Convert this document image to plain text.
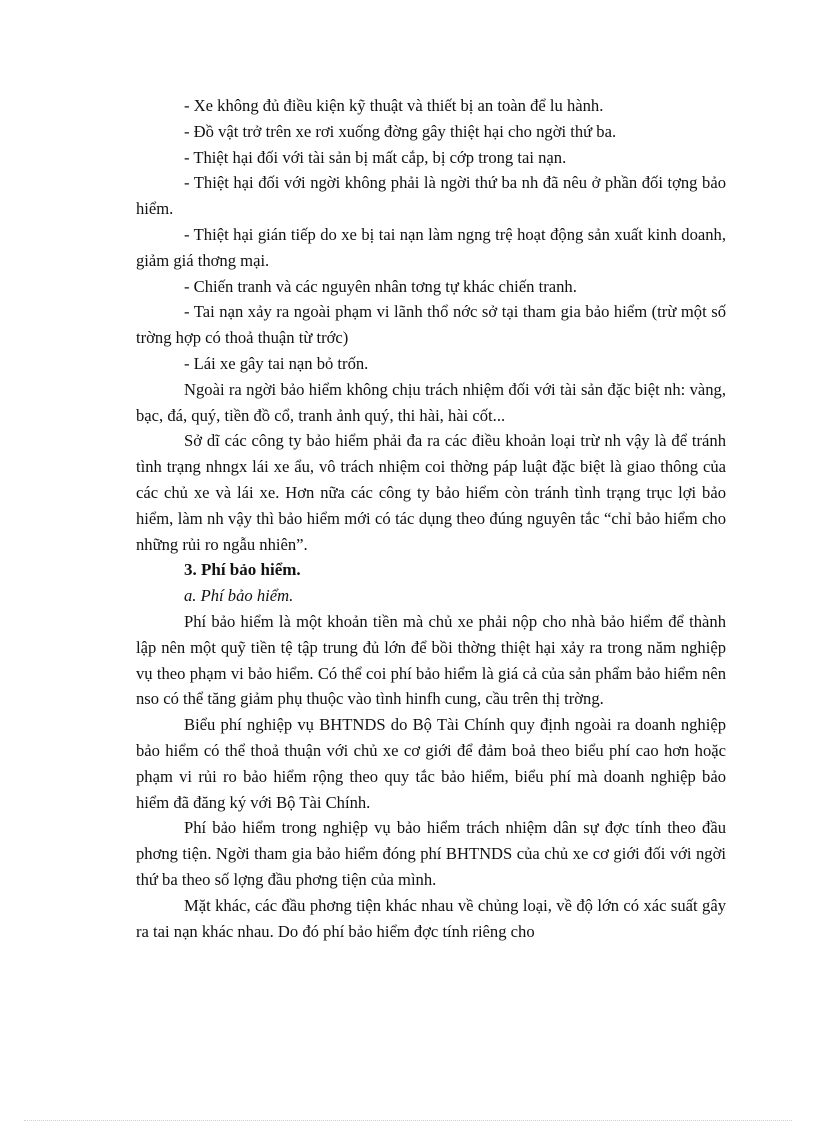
- Xe không đủ điều kiện kỹ thuật và thiết bị an toàn để lu hành.

- Đồ vật trở trên xe rơi xuống đờng gây thiệt hại cho ngời thứ ba.

- Thiệt hại đối với tài sản bị mất cắp, bị cớp trong tai nạn.

- Thiệt hại đối với ngời không phải là ngời thứ ba nh đã nêu ở phần đối tợng bảo hiểm.

- Thiệt hại gián tiếp do xe bị tai nạn làm ngng trệ hoạt động sản xuất kinh doanh, giảm giá thơng mại.

- Chiến tranh và các nguyên nhân tơng tự khác chiến tranh.

- Tai nạn xảy ra ngoài phạm vi lãnh thổ nớc sở tại tham gia bảo hiểm (trừ một số trờng hợp có thoả thuận từ trớc)

- Lái xe gây tai nạn bỏ trốn.

Ngoài ra ngời bảo hiểm không chịu trách nhiệm đối với tài sản đặc biệt nh: vàng, bạc, đá, quý, tiền đồ cổ, tranh ảnh quý, thi hài, hài cốt...

Sở dĩ các công ty bảo hiểm phải đa ra các điều khoản loại trừ nh vậy là để tránh tình trạng nhngx lái xe ẩu, vô trách nhiệm coi thờng páp luật đặc biệt là giao thông của các chủ xe và lái xe. Hơn nữa các công ty bảo hiểm còn tránh tình trạng trục lợi bảo hiểm, làm nh vậy thì bảo hiểm mới có tác dụng theo đúng nguyên tắc “chỉ bảo hiểm cho những rủi ro ngẫu nhiên”.

3. Phí bảo hiểm.

a. Phí bảo hiểm.

Phí bảo hiểm là một khoản tiền mà chủ xe phải nộp cho nhà bảo hiểm để thành lập nên một quỹ tiền tệ tập trung đủ lớn để bồi thờng thiệt hại xảy ra trong năm nghiệp vụ theo phạm vi bảo hiểm. Có thể coi phí bảo hiểm là giá cả của sản phẩm bảo hiểm nên nso có thể tăng giảm phụ thuộc vào tình hinfh cung, cầu trên thị trờng.

Biểu phí nghiệp vụ BHTNDS do Bộ Tài Chính quy định ngoài ra doanh nghiệp bảo hiểm có thể thoả thuận với chủ xe cơ giới để đảm boả theo biểu phí cao hơn hoặc phạm vi rủi ro bảo hiểm rộng theo quy tắc bảo hiểm, biểu phí mà doanh nghiệp bảo hiểm đã đăng ký với Bộ Tài Chính.

Phí bảo hiểm trong nghiệp vụ bảo hiểm trách nhiệm dân sự đợc tính theo đầu phơng tiện. Ngời tham gia bảo hiểm đóng phí BHTNDS của chủ xe cơ giới đối với ngời thứ ba theo số lợng đầu phơng tiện của mình.

Mặt khác, các đầu phơng tiện khác nhau về chủng loại, về độ lớn có xác suất gây ra tai nạn khác nhau. Do đó phí bảo hiểm đợc tính riêng cho
